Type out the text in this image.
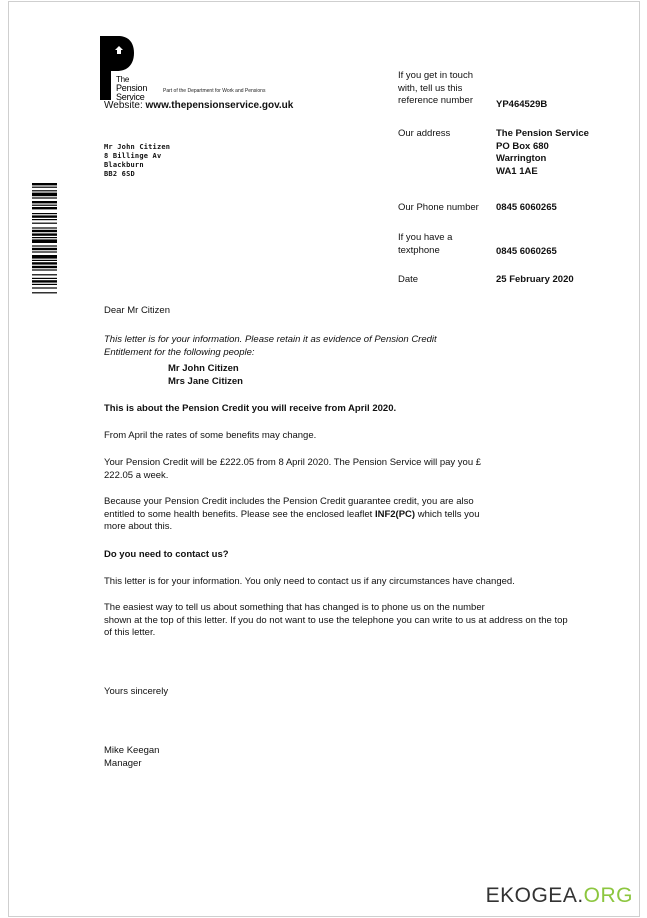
The
Pension
Service
Part of the Department for Work and Pensions
Website: www.thepensionservice.gov.uk
If you get in touch
with, tell us this
reference number	YP464529B
Our address	The Pension Service
PO Box 680
Warrington
WA1 1AE
Our Phone number 0845 6060265
If you have a
textphone	0845 6060265
Date	25 February 2020
Mr John Citizen
8 Billinge Av
Blackburn
BB2 6SD
Dear Mr Citizen
This letter is for your information. Please retain it as evidence of Pension Credit
Entitlement for the following people:
Mr John Citizen
Mrs Jane Citizen
This is about the Pension Credit you will receive from April 2020.
From April the rates of some benefits may change.
Your Pension Credit will be £222.05 from 8 April 2020. The Pension Service will pay you £
222.05 a week.
Because your Pension Credit includes the Pension Credit guarantee credit, you are also
entitled to some health benefits. Please see the enclosed leaflet INF2(PC) which tells you
more about this.
Do you need to contact us?
This letter is for your information. You only need to contact us if any circumstances have changed.
The easiest way to tell us about something that has changed is to phone us on the number
shown at the top of this letter. If you do not want to use the telephone you can write to us at address on the top
of this letter.
Yours sincerely
Mike Keegan
Manager
EKOGEA.ORG
